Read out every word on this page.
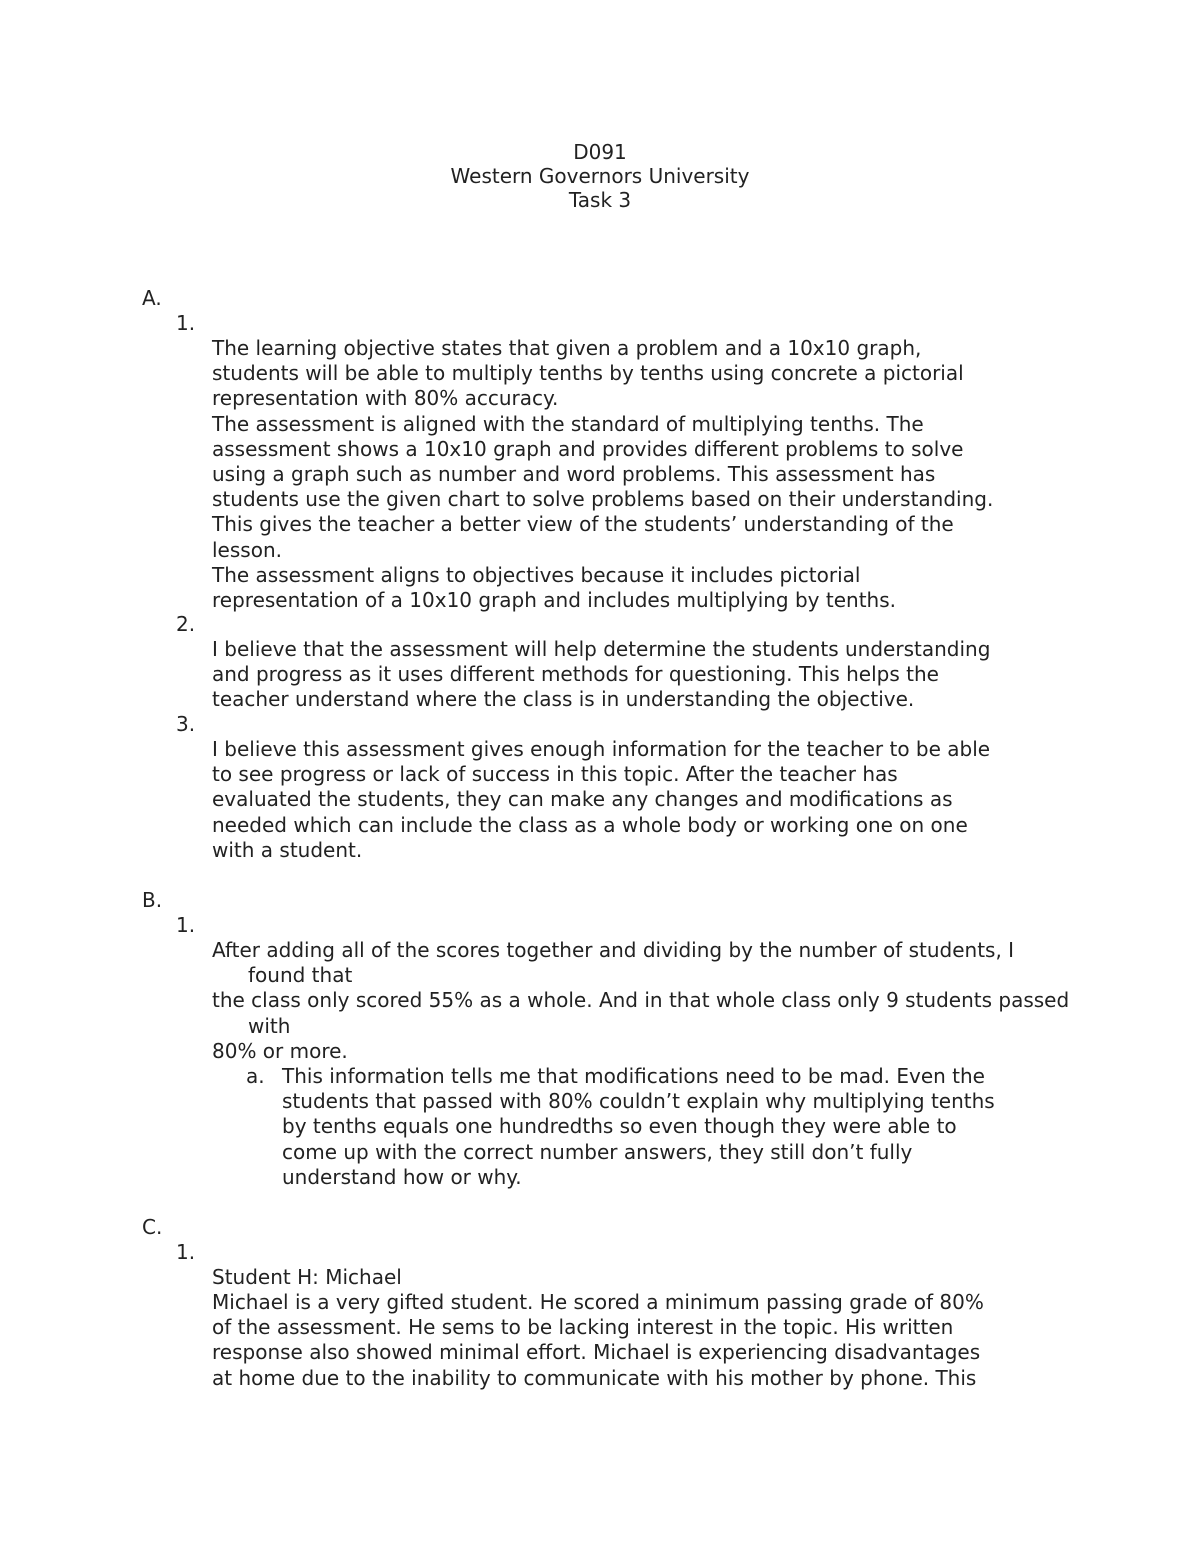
D091
Western Governors University
Task 3
A.
1.
The learning objective states that given a problem and a 10x10 graph,
students will be able to multiply tenths by tenths using concrete a pictorial
representation with 80% accuracy.
The assessment is aligned with the standard of multiplying tenths. The
assessment shows a 10x10 graph and provides different problems to solve
using a graph such as number and word problems. This assessment has
students use the given chart to solve problems based on their understanding.
This gives the teacher a better view of the students’ understanding of the
lesson.
The assessment aligns to objectives because it includes pictorial
representation of a 10x10 graph and includes multiplying by tenths.
2.
I believe that the assessment will help determine the students understanding
and progress as it uses different methods for questioning. This helps the
teacher understand where the class is in understanding the objective.
3.
I believe this assessment gives enough information for the teacher to be able
to see progress or lack of success in this topic. After the teacher has
evaluated the students, they can make any changes and modifications as
needed which can include the class as a whole body or working one on one
with a student.
B.
1.
After adding all of the scores together and dividing by the number of students, I found that
the class only scored 55% as a whole. And in that whole class only 9 students passed with
80% or more.
a. This information tells me that modifications need to be mad. Even the
students that passed with 80% couldn’t explain why multiplying tenths
by tenths equals one hundredths so even though they were able to
come up with the correct number answers, they still don’t fully
understand how or why.
C.
1.
Student H: Michael
Michael is a very gifted student. He scored a minimum passing grade of 80%
of the assessment. He sems to be lacking interest in the topic. His written
response also showed minimal effort. Michael is experiencing disadvantages
at home due to the inability to communicate with his mother by phone. This
